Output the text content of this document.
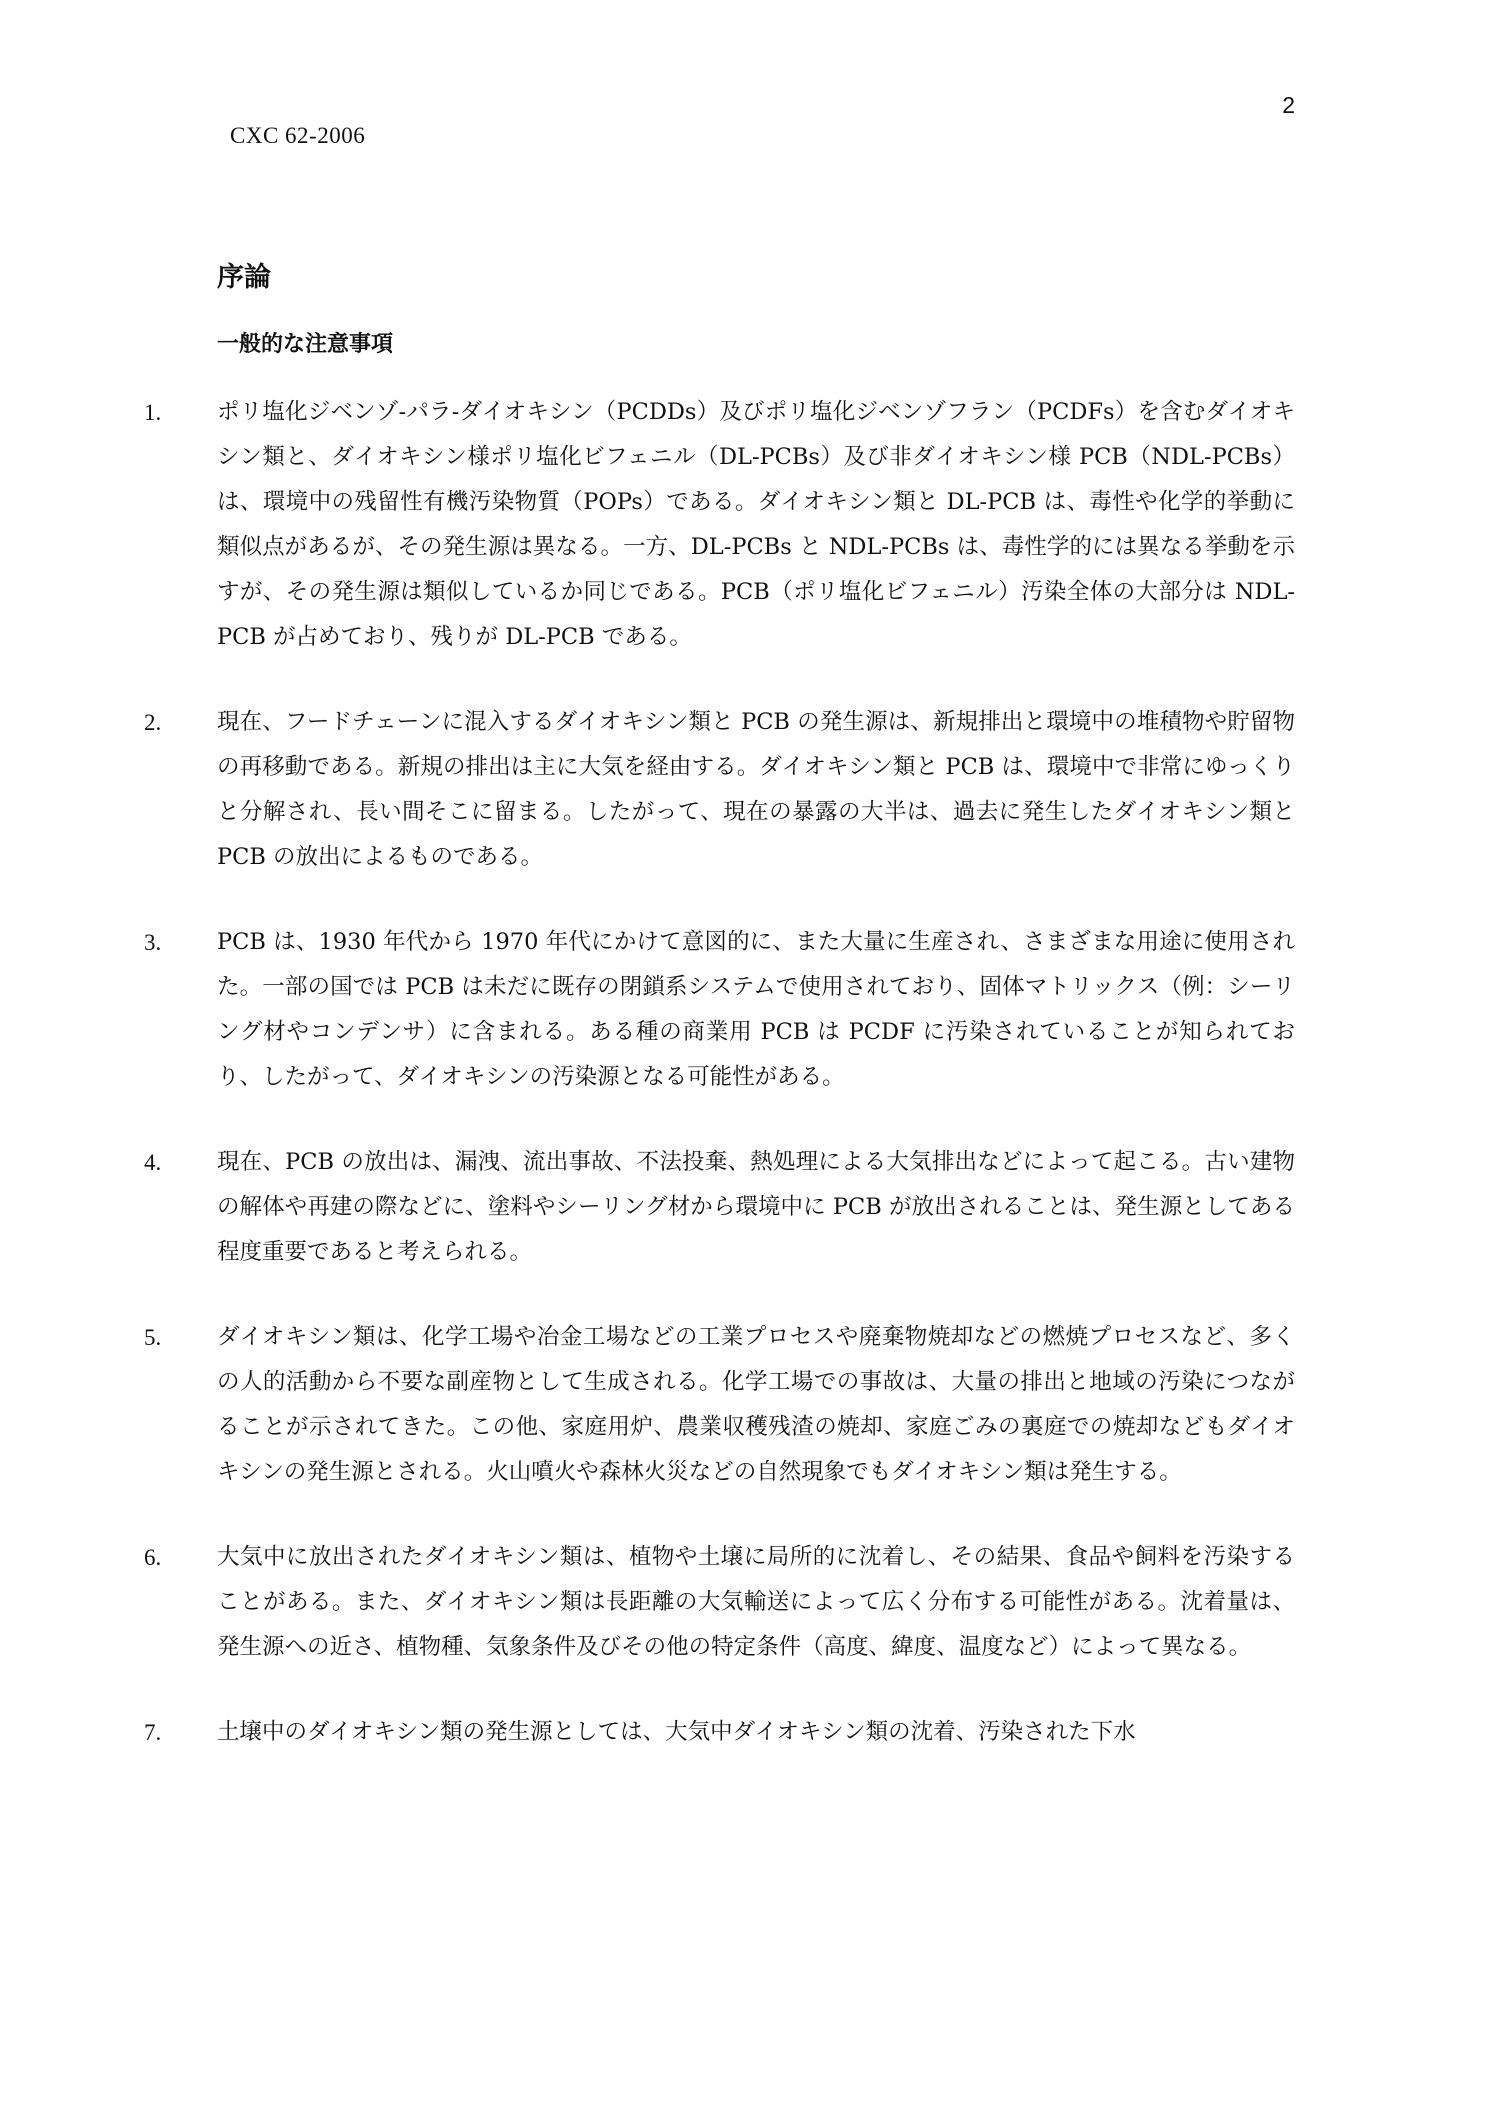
2
CXC 62-2006
序論
一般的な注意事項
1. ポリ塩化ジベンゾ-パラ-ダイオキシン（PCDDs）及びポリ塩化ジベンゾフラン（PCDFs）を含むダイオキシン類と、ダイオキシン様ポリ塩化ビフェニル（DL-PCBs）及び非ダイオキシン様 PCB（NDL-PCBs）は、環境中の残留性有機汚染物質（POPs）である。ダイオキシン類と DL-PCB は、毒性や化学的挙動に類似点があるが、その発生源は異なる。一方、DL-PCBs と NDL-PCBs は、毒性学的には異なる挙動を示すが、その発生源は類似しているか同じである。PCB（ポリ塩化ビフェニル）汚染全体の大部分は NDL-PCB が占めており、残りが DL-PCB である。
2. 現在、フードチェーンに混入するダイオキシン類と PCB の発生源は、新規排出と環境中の堆積物や貯留物の再移動である。新規の排出は主に大気を経由する。ダイオキシン類と PCB は、環境中で非常にゆっくりと分解され、長い間そこに留まる。したがって、現在の暴露の大半は、過去に発生したダイオキシン類と PCB の放出によるものである。
3. PCB は、1930 年代から 1970 年代にかけて意図的に、また大量に生産され、さまざまな用途に使用された。一部の国では PCB は未だに既存の閉鎖系システムで使用されており、固体マトリックス（例：シーリング材やコンデンサ）に含まれる。ある種の商業用 PCB は PCDF に汚染されていることが知られており、したがって、ダイオキシンの汚染源となる可能性がある。
4. 現在、PCB の放出は、漏洩、流出事故、不法投棄、熱処理による大気排出などによって起こる。古い建物の解体や再建の際などに、塗料やシーリング材から環境中に PCB が放出されることは、発生源としてある程度重要であると考えられる。
5. ダイオキシン類は、化学工場や冶金工場などの工業プロセスや廃棄物焼却などの燃焼プロセスなど、多くの人的活動から不要な副産物として生成される。化学工場での事故は、大量の排出と地域の汚染につながることが示されてきた。この他、家庭用炉、農業収穫残渣の焼却、家庭ごみの裏庭での焼却などもダイオキシンの発生源とされる。火山噴火や森林火災などの自然現象でもダイオキシン類は発生する。
6. 大気中に放出されたダイオキシン類は、植物や土壌に局所的に沈着し、その結果、食品や飼料を汚染することがある。また、ダイオキシン類は長距離の大気輸送によって広く分布する可能性がある。沈着量は、発生源への近さ、植物種、気象条件及びその他の特定条件（高度、緯度、温度など）によって異なる。
7. 土壌中のダイオキシン類の発生源としては、大気中ダイオキシン類の沈着、汚染された下水
